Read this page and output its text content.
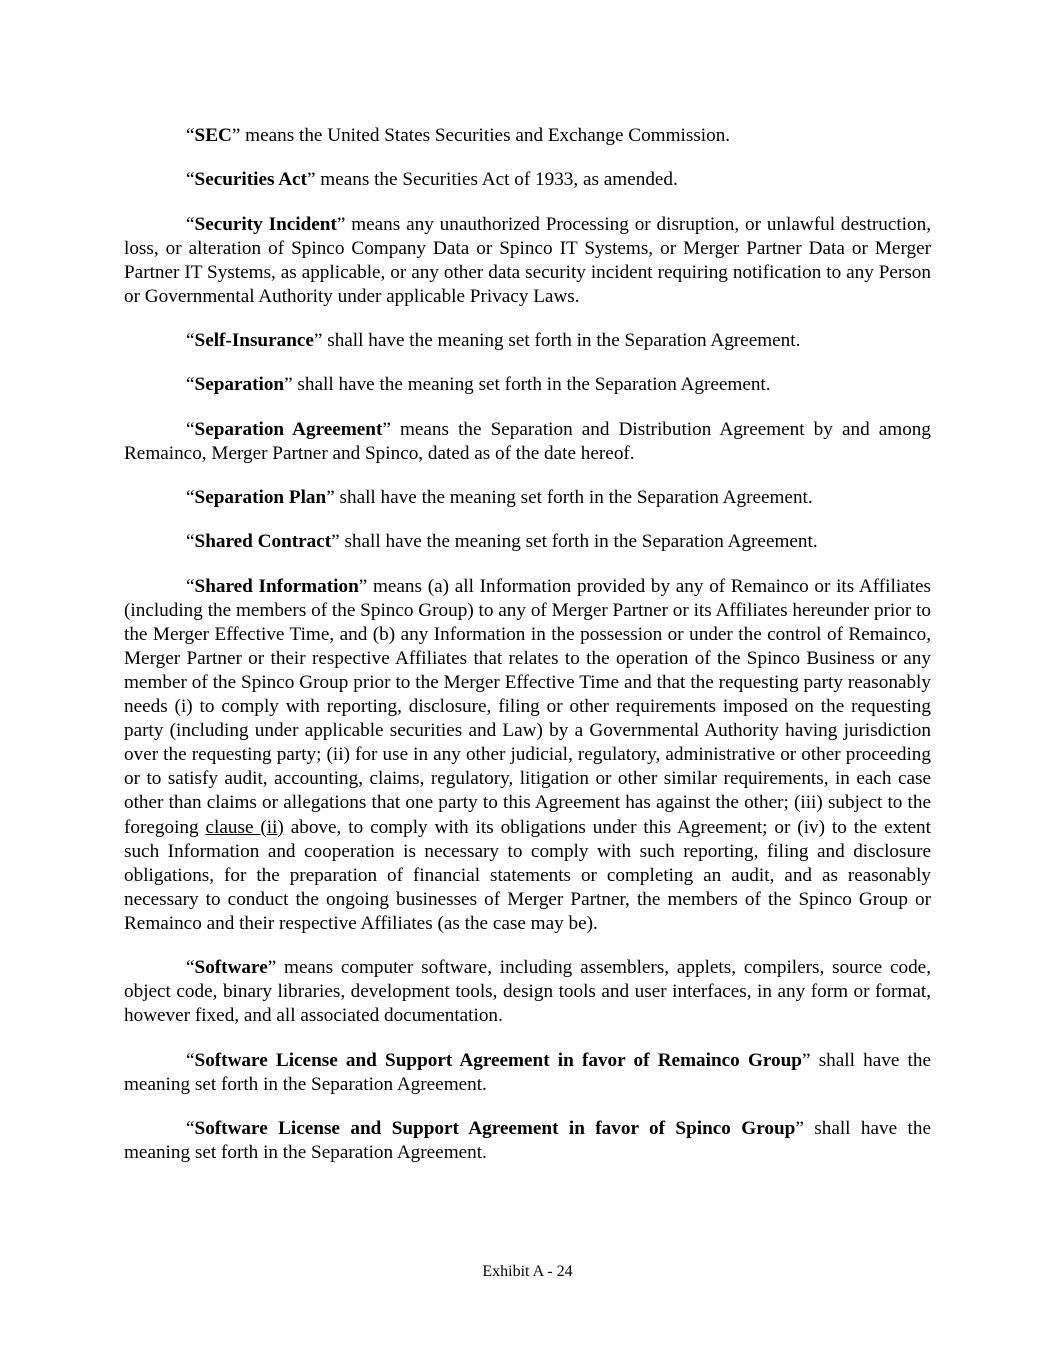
“SEC” means the United States Securities and Exchange Commission.

“Securities Act” means the Securities Act of 1933, as amended.

“Security Incident” means any unauthorized Processing or disruption, or unlawful destruction, loss, or alteration of Spinco Company Data or Spinco IT Systems, or Merger Partner Data or Merger Partner IT Systems, as applicable, or any other data security incident requiring notification to any Person or Governmental Authority under applicable Privacy Laws.

“Self-Insurance” shall have the meaning set forth in the Separation Agreement.

“Separation” shall have the meaning set forth in the Separation Agreement.

“Separation Agreement” means the Separation and Distribution Agreement by and among Remainco, Merger Partner and Spinco, dated as of the date hereof.

“Separation Plan” shall have the meaning set forth in the Separation Agreement.

“Shared Contract” shall have the meaning set forth in the Separation Agreement.

“Shared Information” means (a) all Information provided by any of Remainco or its Affiliates (including the members of the Spinco Group) to any of Merger Partner or its Affiliates hereunder prior to the Merger Effective Time, and (b) any Information in the possession or under the control of Remainco, Merger Partner or their respective Affiliates that relates to the operation of the Spinco Business or any member of the Spinco Group prior to the Merger Effective Time and that the requesting party reasonably needs (i) to comply with reporting, disclosure, filing or other requirements imposed on the requesting party (including under applicable securities and Law) by a Governmental Authority having jurisdiction over the requesting party; (ii) for use in any other judicial, regulatory, administrative or other proceeding or to satisfy audit, accounting, claims, regulatory, litigation or other similar requirements, in each case other than claims or allegations that one party to this Agreement has against the other; (iii) subject to the foregoing clause (ii) above, to comply with its obligations under this Agreement; or (iv) to the extent such Information and cooperation is necessary to comply with such reporting, filing and disclosure obligations, for the preparation of financial statements or completing an audit, and as reasonably necessary to conduct the ongoing businesses of Merger Partner, the members of the Spinco Group or Remainco and their respective Affiliates (as the case may be).

“Software” means computer software, including assemblers, applets, compilers, source code, object code, binary libraries, development tools, design tools and user interfaces, in any form or format, however fixed, and all associated documentation.

“Software License and Support Agreement in favor of Remainco Group” shall have the meaning set forth in the Separation Agreement.

“Software License and Support Agreement in favor of Spinco Group” shall have the meaning set forth in the Separation Agreement.

Exhibit A - 24
